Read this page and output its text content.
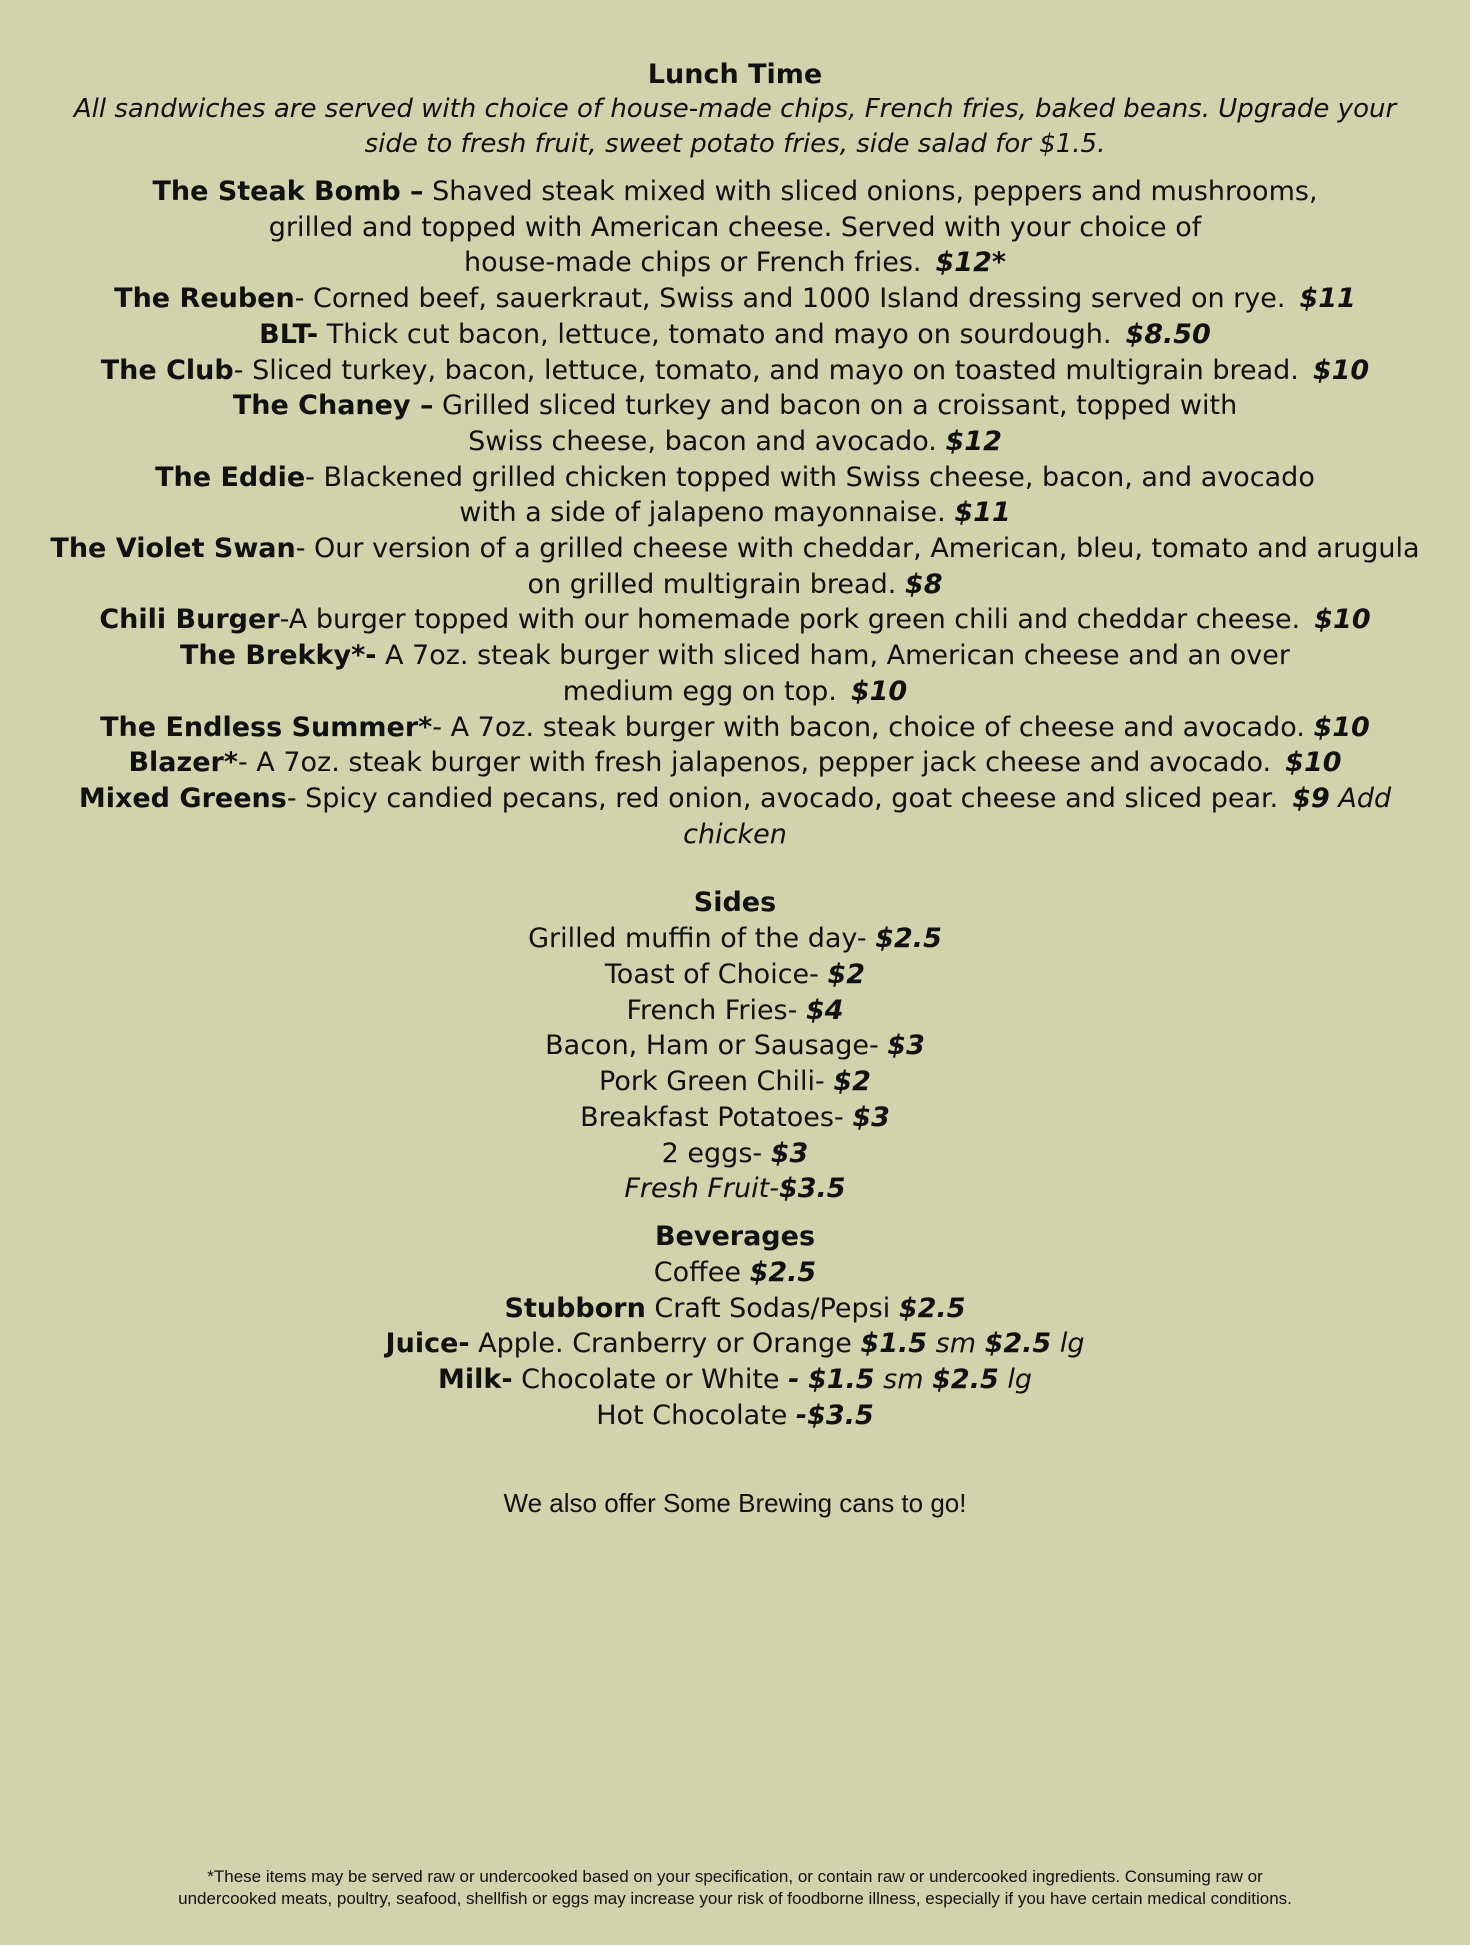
Lunch Time
All sandwiches are served with choice of house-made chips, French fries, baked beans. Upgrade your
side to fresh fruit, sweet potato fries, side salad for $1.5.
The Steak Bomb – Shaved steak mixed with sliced onions, peppers and mushrooms,
grilled and topped with American cheese. Served with your choice of
house-made chips or French fries. $12*
The Reuben- Corned beef, sauerkraut, Swiss and 1000 Island dressing served on rye. $11
BLT- Thick cut bacon, lettuce, tomato and mayo on sourdough. $8.50
The Club- Sliced turkey, bacon, lettuce, tomato, and mayo on toasted multigrain bread. $10
The Chaney – Grilled sliced turkey and bacon on a croissant, topped with
Swiss cheese, bacon and avocado. $12
The Eddie- Blackened grilled chicken topped with Swiss cheese, bacon, and avocado
with a side of jalapeno mayonnaise. $11
The Violet Swan- Our version of a grilled cheese with cheddar, American, bleu, tomato and arugula
on grilled multigrain bread. $8
Chili Burger-A burger topped with our homemade pork green chili and cheddar cheese. $10
The Brekky*- A 7oz. steak burger with sliced ham, American cheese and an over
medium egg on top. $10
The Endless Summer*- A 7oz. steak burger with bacon, choice of cheese and avocado. $10
Blazer*- A 7oz. steak burger with fresh jalapenos, pepper jack cheese and avocado. $10
Mixed Greens- Spicy candied pecans, red onion, avocado, goat cheese and sliced pear. $9 Add
chicken
Sides
Grilled muffin of the day- $2.5
Toast of Choice- $2
French Fries- $4
Bacon, Ham or Sausage- $3
Pork Green Chili- $2
Breakfast Potatoes- $3
2 eggs- $3
Fresh Fruit-$3.5
Beverages
Coffee $2.5
Stubborn Craft Sodas/Pepsi $2.5
Juice- Apple. Cranberry or Orange $1.5 sm $2.5 lg
Milk- Chocolate or White - $1.5 sm $2.5 lg
Hot Chocolate -$3.5
We also offer Some Brewing cans to go!
*These items may be served raw or undercooked based on your specification, or contain raw or undercooked ingredients. Consuming raw or
undercooked meats, poultry, seafood, shellfish or eggs may increase your risk of foodborne illness, especially if you have certain medical conditions.
